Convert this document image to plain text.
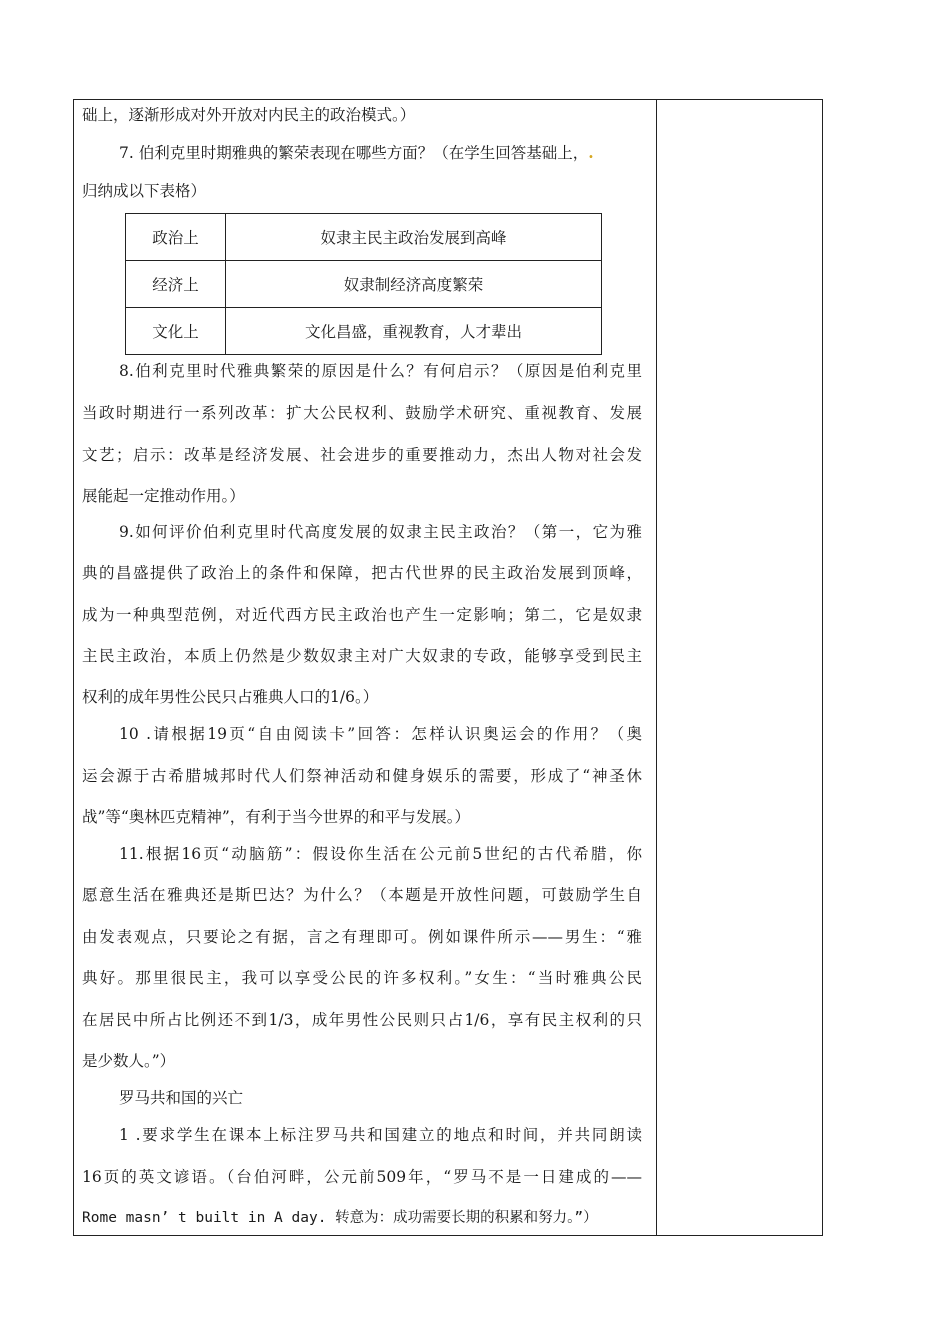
础上，逐渐形成对外开放对内民主的政治模式。）
7. 伯利克里时期雅典的繁荣表现在哪些方面？（在学生回答基础上，.
归纳成以下表格）
政治上	奴隶主民主政治发展到高峰
经济上	奴隶制经济高度繁荣
文化上	文化昌盛，重视教育，人才辈出
8.伯利克里时代雅典繁荣的原因是什么？有何启示？（原因是伯利克里
当政时期进行一系列改革：扩大公民权利、鼓励学术研究、重视教育、发展
文艺；启示：改革是经济发展、社会进步的重要推动力，杰出人物对社会发
展能起一定推动作用。）
9.如何评价伯利克里时代高度发展的奴隶主民主政治？（第一，它为雅
典的昌盛提供了政治上的条件和保障，把古代世界的民主政治发展到顶峰，
成为一种典型范例，对近代西方民主政治也产生一定影响；第二，它是奴隶
主民主政治，本质上仍然是少数奴隶主对广大奴隶的专政，能够享受到民主
权利的成年男性公民只占雅典人口的1/6。）
10 .请根据19页“自由阅读卡”回答：怎样认识奥运会的作用？（奥
运会源于古希腊城邦时代人们祭神活动和健身娱乐的需要，形成了“神圣休
战”等“奥林匹克精神”，有利于当今世界的和平与发展。）
11.根据16页“动脑筋”：假设你生活在公元前5世纪的古代希腊，你
愿意生活在雅典还是斯巴达？为什么？（本题是开放性问题，可鼓励学生自
由发表观点，只要论之有据，言之有理即可。例如课件所示——男生：“雅
典好。那里很民主，我可以享受公民的许多权利。”女生：“当时雅典公民
在居民中所占比例还不到1/3，成年男性公民则只占1/6，享有民主权利的只
是少数人。”）
罗马共和国的兴亡
1 .要求学生在课本上标注罗马共和国建立的地点和时间，并共同朗读
16页的英文谚语。（台伯河畔，公元前509年，“罗马不是一日建成的——
Rome masn’ t built in A day. 转意为：成功需要长期的积累和努力。”）
